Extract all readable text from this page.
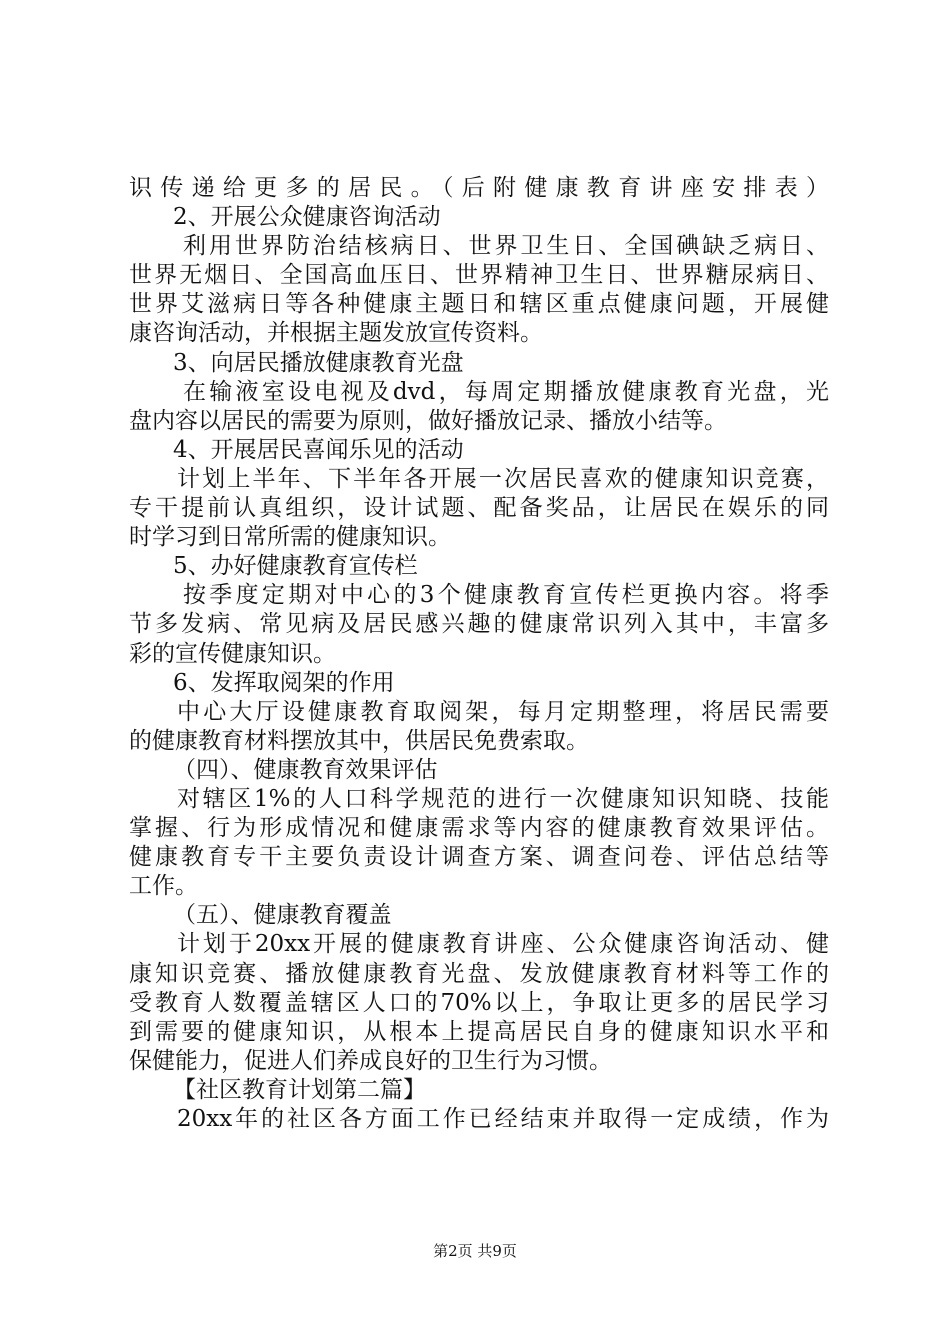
识传递给更多的居民。（后附健康教育讲座安排表）
2、开展公众健康咨询活动
利用世界防治结核病日、世界卫生日、全国碘缺乏病日、
世界无烟日、全国高血压日、世界精神卫生日、世界糖尿病日、
世界艾滋病日等各种健康主题日和辖区重点健康问题，开展健
康咨询活动，并根据主题发放宣传资料。
3、向居民播放健康教育光盘
在输液室设电视及dvd，每周定期播放健康教育光盘，光
盘内容以居民的需要为原则，做好播放记录、播放小结等。
4、开展居民喜闻乐见的活动
计划上半年、下半年各开展一次居民喜欢的健康知识竞赛，
专干提前认真组织，设计试题、配备奖品，让居民在娱乐的同
时学习到日常所需的健康知识。
5、办好健康教育宣传栏
按季度定期对中心的3个健康教育宣传栏更换内容。将季
节多发病、常见病及居民感兴趣的健康常识列入其中，丰富多
彩的宣传健康知识。
6、发挥取阅架的作用
中心大厅设健康教育取阅架，每月定期整理，将居民需要
的健康教育材料摆放其中，供居民免费索取。
（四）、健康教育效果评估
对辖区1%的人口科学规范的进行一次健康知识知晓、技能
掌握、行为形成情况和健康需求等内容的健康教育效果评估。
健康教育专干主要负责设计调查方案、调查问卷、评估总结等
工作。
（五）、健康教育覆盖
计划于20xx开展的健康教育讲座、公众健康咨询活动、健
康知识竞赛、播放健康教育光盘、发放健康教育材料等工作的
受教育人数覆盖辖区人口的70%以上，争取让更多的居民学习
到需要的健康知识，从根本上提高居民自身的健康知识水平和
保健能力，促进人们养成良好的卫生行为习惯。
【社区教育计划第二篇】
20xx年的社区各方面工作已经结束并取得一定成绩，作为
第2页 共9页
